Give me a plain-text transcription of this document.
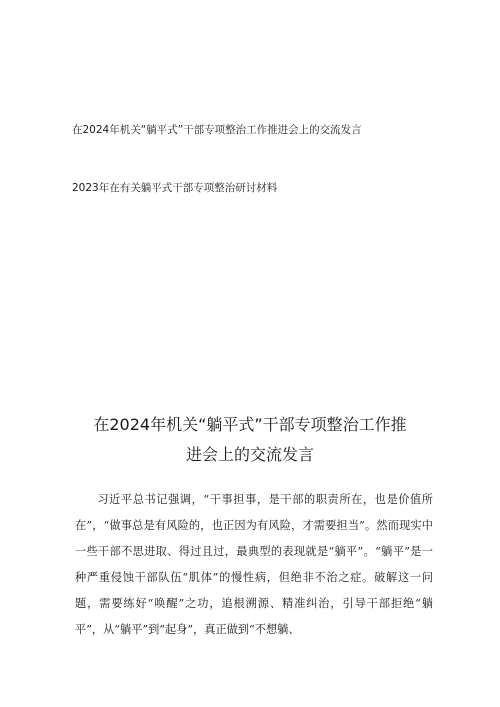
在2024年机关“躺平式”干部专项整治工作推进会上的交流发言
2023年在有关躺平式干部专项整治研讨材料
在2024年机关“躺平式”干部专项整治工作推
进会上的交流发言

习近平总书记强调，“干事担事，是干部的职责所在，也是价值所在”，“做事总是有风险的，也正因为有风险，才需要担当”。然而现实中一些干部不思进取、得过且过，最典型的表现就是“躺平”。“躺平”是一种严重侵蚀干部队伍“肌体”的慢性病，但绝非不治之症。破解这一问题，需要练好“唤醒”之功，追根溯源、精准纠治，引导干部拒绝“躺平”，从“躺平”到“起身”，真正做到“不想躺、
